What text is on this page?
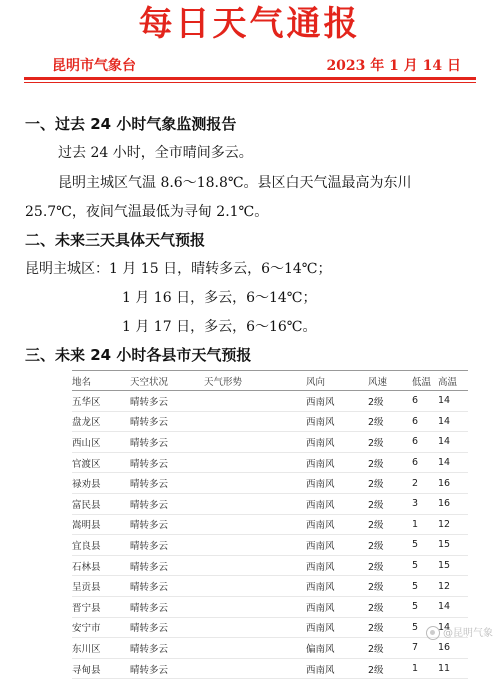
每日天气通报
昆明市气象台	2023 年 1 月 14 日
一、过去 24 小时气象监测报告
过去 24 小时，全市晴间多云。
昆明主城区气温 8.6～18.8℃。县区白天气温最高为东川
25.7℃，夜间气温最低为寻甸 2.1℃。
二、未来三天具体天气预报
昆明主城区：1 月 15 日，晴转多云，6～14℃；
1 月 16 日，多云，6～14℃；
1 月 17 日，多云，6～16℃。
三、未来 24 小时各县市天气预报
地名	天空状况	天气形势	风向	风速	低温	高温
五华区	晴转多云		西南风	2级	6	14
盘龙区	晴转多云		西南风	2级	6	14
西山区	晴转多云		西南风	2级	6	14
官渡区	晴转多云		西南风	2级	6	14
禄劝县	晴转多云		西南风	2级	2	16
富民县	晴转多云		西南风	2级	3	16
嵩明县	晴转多云		西南风	2级	1	12
宜良县	晴转多云		西南风	2级	5	15
石林县	晴转多云		西南风	2级	5	15
呈贡县	晴转多云		西南风	2级	5	12
晋宁县	晴转多云		西南风	2级	5	14
安宁市	晴转多云		西南风	2级	5	14
东川区	晴转多云		偏南风	2级	7	16
寻甸县	晴转多云		西南风	2级	1	11
@昆明气象
